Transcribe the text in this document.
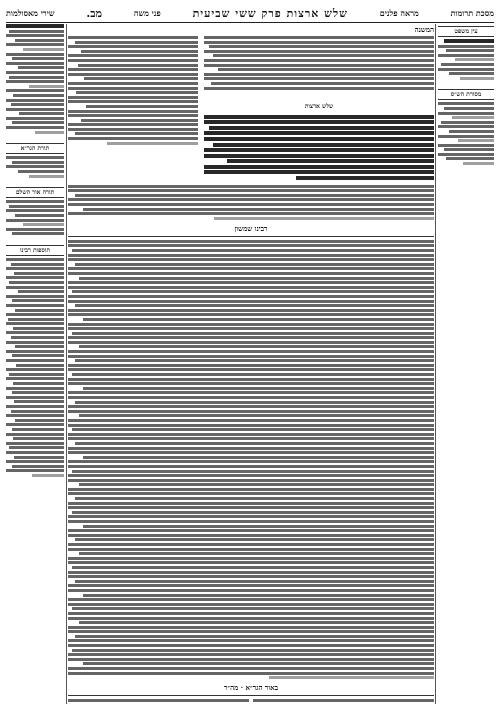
מסכת תרומות
מראה פלנים
שלש ארצות פרק ששי שביעית
פני משה
מב.
שירי מאסולמות
עין משפט
מסורת הש״ס
תורת הגר״א
תורה אור השלם
תוספות רבינו
המשנה
שלש ארצות
רבינו שמשון
באור הגר״א · מה״ר
